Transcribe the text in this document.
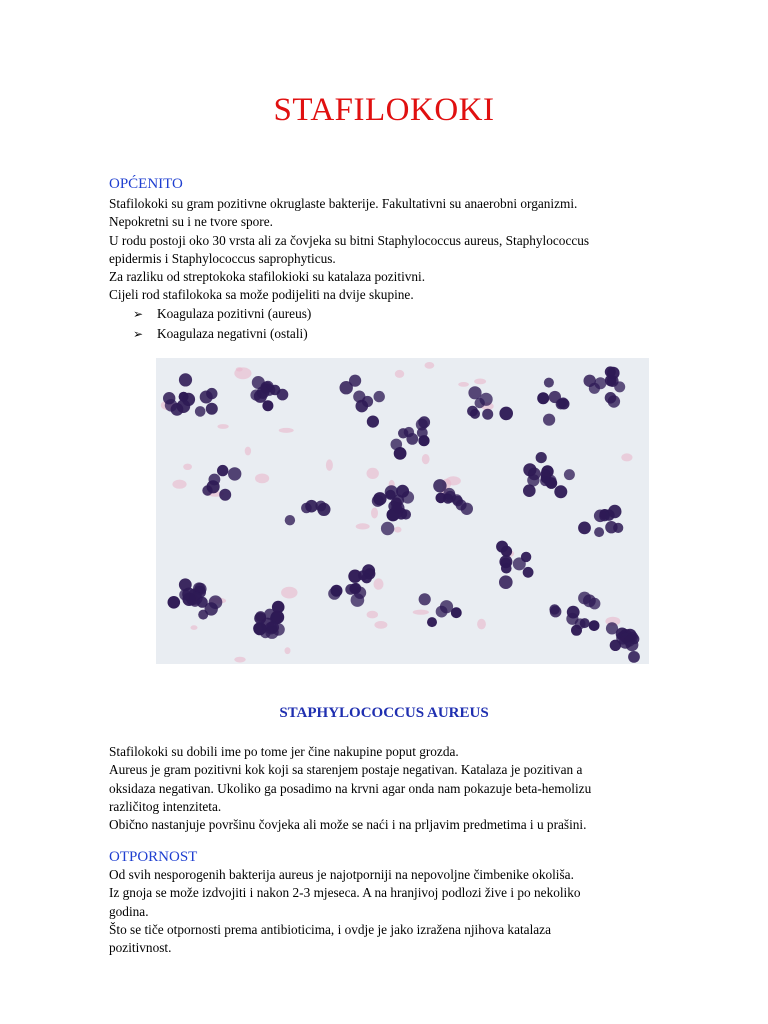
STAFILOKOKI
OPĆENITO
Stafilokoki su gram pozitivne okruglaste bakterije. Fakultativni su anaerobni organizmi.
Nepokretni su i ne tvore spore.
U rodu postoji oko 30 vrsta ali za čovjeka su bitni Staphylococcus aureus, Staphylococcus
epidermis i Staphylococcus saprophyticus.
Za razliku od streptokoka stafilokioki su katalaza pozitivni.
Cijeli rod stafilokoka sa može podijeliti na dvije skupine.
➢	Koagulaza pozitivni (aureus)
➢	Koagulaza negativni (ostali)
STAPHYLOCOCCUS AUREUS
Stafilokoki su dobili ime po tome jer čine nakupine poput grozda.
Aureus je gram pozitivni kok koji sa starenjem postaje negativan. Katalaza je pozitivan a
oksidaza negativan. Ukoliko ga posadimo na krvni agar onda nam pokazuje beta-hemolizu
različitog intenziteta.
Obično nastanjuje površinu čovjeka ali može se naći i na prljavim predmetima i u prašini.
OTPORNOST
Od svih nesporogenih bakterija aureus je najotporniji na nepovoljne čimbenike okoliša.
Iz gnoja se može izdvojiti i nakon 2-3 mjeseca. A na hranjivoj podlozi žive i po nekoliko
godina.
Što se tiče otpornosti prema antibioticima, i ovdje je jako izražena njihova katalaza
pozitivnost.
